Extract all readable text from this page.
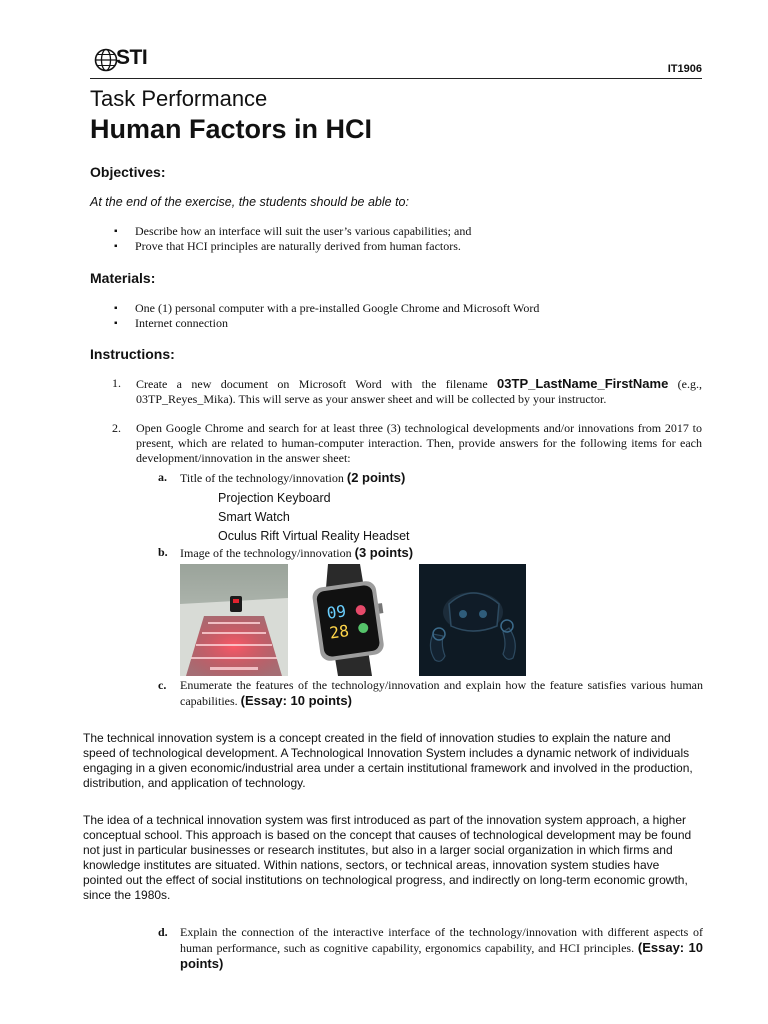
STI	IT1906
Task Performance
Human Factors in HCI
Objectives:
At the end of the exercise, the students should be able to:
▪ Describe how an interface will suit the user’s various capabilities; and
▪ Prove that HCI principles are naturally derived from human factors.
Materials:
▪ One (1) personal computer with a pre-installed Google Chrome and Microsoft Word
▪ Internet connection
Instructions:
1. Create a new document on Microsoft Word with the filename 03TP_LastName_FirstName (e.g., 03TP_Reyes_Mika). This will serve as your answer sheet and will be collected by your instructor.
2. Open Google Chrome and search for at least three (3) technological developments and/or innovations from 2017 to present, which are related to human-computer interaction. Then, provide answers for the following items for each development/innovation in the answer sheet:
a. Title of the technology/innovation (2 points)
Projection Keyboard
Smart Watch
Oculus Rift Virtual Reality Headset
b. Image of the technology/innovation (3 points)
09
28
c. Enumerate the features of the technology/innovation and explain how the feature satisfies various human capabilities. (Essay: 10 points)
The technical innovation system is a concept created in the field of innovation studies to explain the nature and speed of technological development. A Technological Innovation System includes a dynamic network of individuals engaging in a given economic/industrial area under a certain institutional framework and involved in the production, distribution, and application of technology.
The idea of a technical innovation system was first introduced as part of the innovation system approach, a higher conceptual school. This approach is based on the concept that causes of technological development may be found not just in particular businesses or research institutes, but also in a larger social organization in which firms and knowledge institutes are situated. Within nations, sectors, or technical areas, innovation system studies have pointed out the effect of social institutions on technological progress, and indirectly on long-term economic growth, since the 1980s.
d. Explain the connection of the interactive interface of the technology/innovation with different aspects of human performance, such as cognitive capability, ergonomics capability, and HCI principles. (Essay: 10 points)
